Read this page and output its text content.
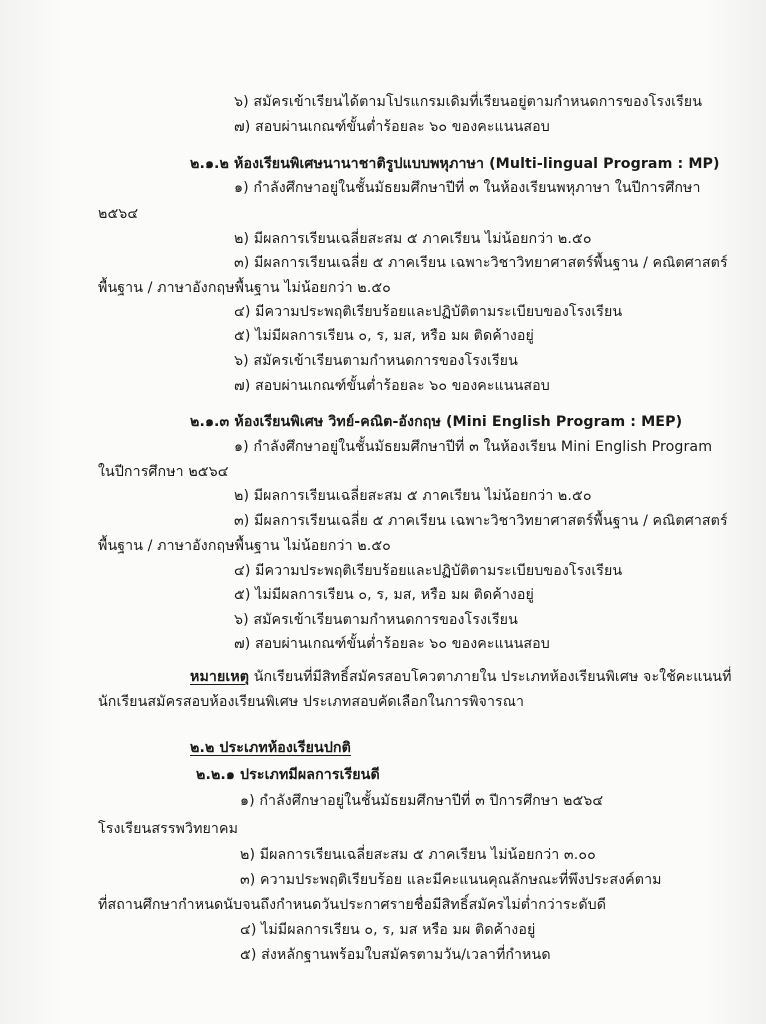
๖) สมัครเข้าเรียนได้ตามโปรแกรมเดิมที่เรียนอยู่ตามกำหนดการของโรงเรียน
๗) สอบผ่านเกณฑ์ขั้นต่ำร้อยละ ๖๐ ของคะแนนสอบ
๒.๑.๒ ห้องเรียนพิเศษนานาชาติรูปแบบพหุภาษา (Multi-lingual Program : MP)
๑) กำลังศึกษาอยู่ในชั้นมัธยมศึกษาปีที่ ๓ ในห้องเรียนพหุภาษา ในปีการศึกษา
๒๕๖๔
๒) มีผลการเรียนเฉลี่ยสะสม ๕ ภาคเรียน ไม่น้อยกว่า ๒.๕๐
๓) มีผลการเรียนเฉลี่ย ๕ ภาคเรียน เฉพาะวิชาวิทยาศาสตร์พื้นฐาน / คณิตศาสตร์
พื้นฐาน / ภาษาอังกฤษพื้นฐาน ไม่น้อยกว่า ๒.๕๐
๔) มีความประพฤติเรียบร้อยและปฏิบัติตามระเบียบของโรงเรียน
๕) ไม่มีผลการเรียน ๐, ร, มส, หรือ มผ ติดค้างอยู่
๖) สมัครเข้าเรียนตามกำหนดการของโรงเรียน
๗) สอบผ่านเกณฑ์ขั้นต่ำร้อยละ ๖๐ ของคะแนนสอบ
๒.๑.๓ ห้องเรียนพิเศษ วิทย์-คณิต-อังกฤษ (Mini English Program : MEP)
๑) กำลังศึกษาอยู่ในชั้นมัธยมศึกษาปีที่ ๓ ในห้องเรียน Mini English Program
ในปีการศึกษา ๒๕๖๔
๒) มีผลการเรียนเฉลี่ยสะสม ๕ ภาคเรียน ไม่น้อยกว่า ๒.๕๐
๓) มีผลการเรียนเฉลี่ย ๕ ภาคเรียน เฉพาะวิชาวิทยาศาสตร์พื้นฐาน / คณิตศาสตร์
พื้นฐาน / ภาษาอังกฤษพื้นฐาน ไม่น้อยกว่า ๒.๕๐
๔) มีความประพฤติเรียบร้อยและปฏิบัติตามระเบียบของโรงเรียน
๕) ไม่มีผลการเรียน ๐, ร, มส, หรือ มผ ติดค้างอยู่
๖) สมัครเข้าเรียนตามกำหนดการของโรงเรียน
๗) สอบผ่านเกณฑ์ขั้นต่ำร้อยละ ๖๐ ของคะแนนสอบ
หมายเหตุ นักเรียนที่มีสิทธิ์สมัครสอบโควตาภายใน ประเภทห้องเรียนพิเศษ จะใช้คะแนนที่
นักเรียนสมัครสอบห้องเรียนพิเศษ ประเภทสอบคัดเลือกในการพิจารณา
๒.๒ ประเภทห้องเรียนปกติ
๒.๒.๑ ประเภทมีผลการเรียนดี
๑) กำลังศึกษาอยู่ในชั้นมัธยมศึกษาปีที่ ๓ ปีการศึกษา ๒๕๖๔
โรงเรียนสรรพวิทยาคม
๒) มีผลการเรียนเฉลี่ยสะสม ๕ ภาคเรียน ไม่น้อยกว่า ๓.๐๐
๓) ความประพฤติเรียบร้อย และมีคะแนนคุณลักษณะที่พึงประสงค์ตาม
ที่สถานศึกษากำหนดนับจนถึงกำหนดวันประกาศรายชื่อมีสิทธิ์สมัครไม่ต่ำกว่าระดับดี
๔) ไม่มีผลการเรียน ๐, ร, มส หรือ มผ ติดค้างอยู่
๕) ส่งหลักฐานพร้อมใบสมัครตามวัน/เวลาที่กำหนด
